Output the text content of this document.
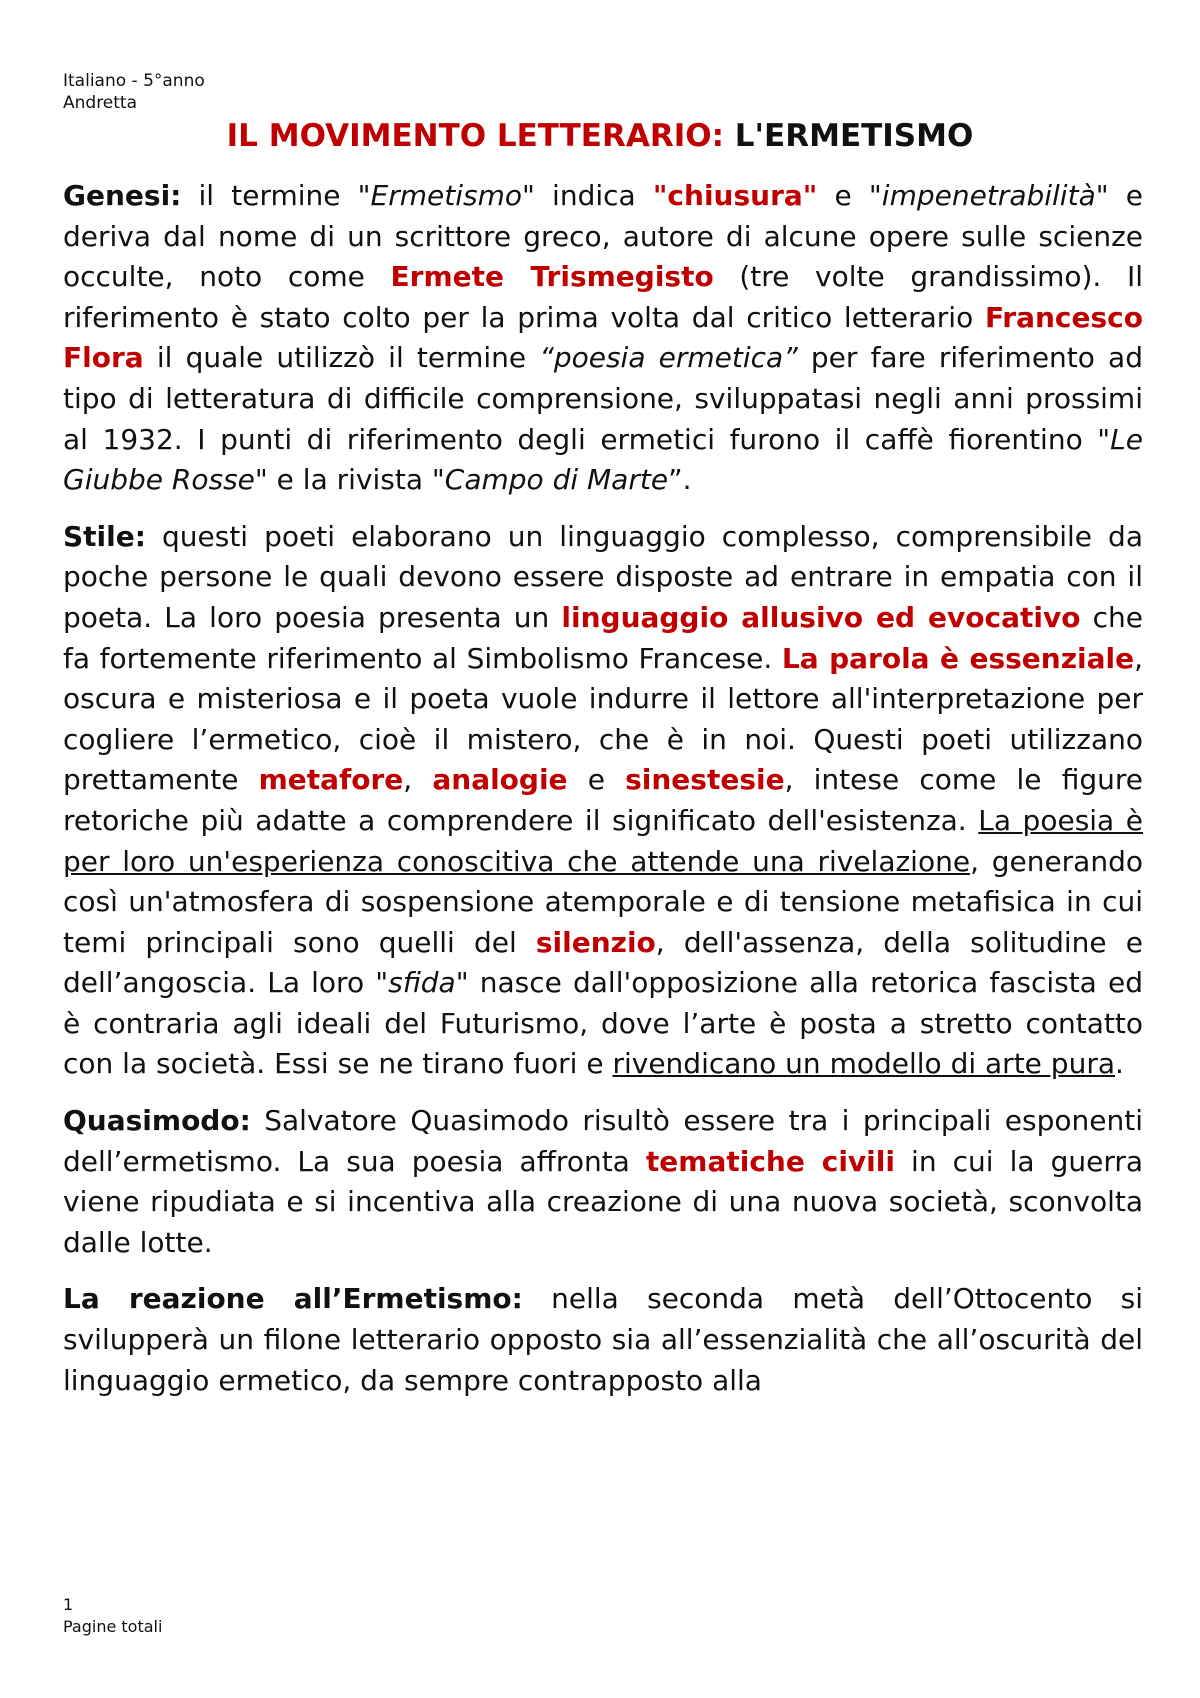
Italiano - 5°anno
Andretta
IL MOVIMENTO LETTERARIO: L'ERMETISMO

Genesi: il termine "Ermetismo" indica "chiusura" e "impenetrabilità" e deriva dal nome di un scrittore greco, autore di alcune opere sulle scienze occulte, noto come Ermete Trismegisto (tre volte grandissimo). Il riferimento è stato colto per la prima volta dal critico letterario Francesco Flora il quale utilizzò il termine “poesia ermetica” per fare riferimento ad tipo di letteratura di difficile comprensione, sviluppatasi negli anni prossimi al 1932. I punti di riferimento degli ermetici furono il caffè fiorentino "Le Giubbe Rosse" e la rivista "Campo di Marte”.

Stile: questi poeti elaborano un linguaggio complesso, comprensibile da poche persone le quali devono essere disposte ad entrare in empatia con il poeta. La loro poesia presenta un linguaggio allusivo ed evocativo che fa fortemente riferimento al Simbolismo Francese. La parola è essenziale, oscura e misteriosa e il poeta vuole indurre il lettore all'interpretazione per cogliere l’ermetico, cioè il mistero, che è in noi. Questi poeti utilizzano prettamente metafore, analogie e sinestesie, intese come le figure retoriche più adatte a comprendere il significato dell'esistenza. La poesia è per loro un'esperienza conoscitiva che attende una rivelazione, generando così un'atmosfera di sospensione atemporale e di tensione metafisica in cui temi principali sono quelli del silenzio, dell'assenza, della solitudine e dell’angoscia. La loro "sfida" nasce dall'opposizione alla retorica fascista ed è contraria agli ideali del Futurismo, dove l’arte è posta a stretto contatto con la società. Essi se ne tirano fuori e rivendicano un modello di arte pura.

Quasimodo: Salvatore Quasimodo risultò essere tra i principali esponenti dell’ermetismo. La sua poesia affronta tematiche civili in cui la guerra viene ripudiata e si incentiva alla creazione di una nuova società, sconvolta dalle lotte.

La reazione all’Ermetismo: nella seconda metà dell’Ottocento si svilupperà un filone letterario opposto sia all’essenzialità che all’oscurità del linguaggio ermetico, da sempre contrapposto alla

1
Pagine totali
